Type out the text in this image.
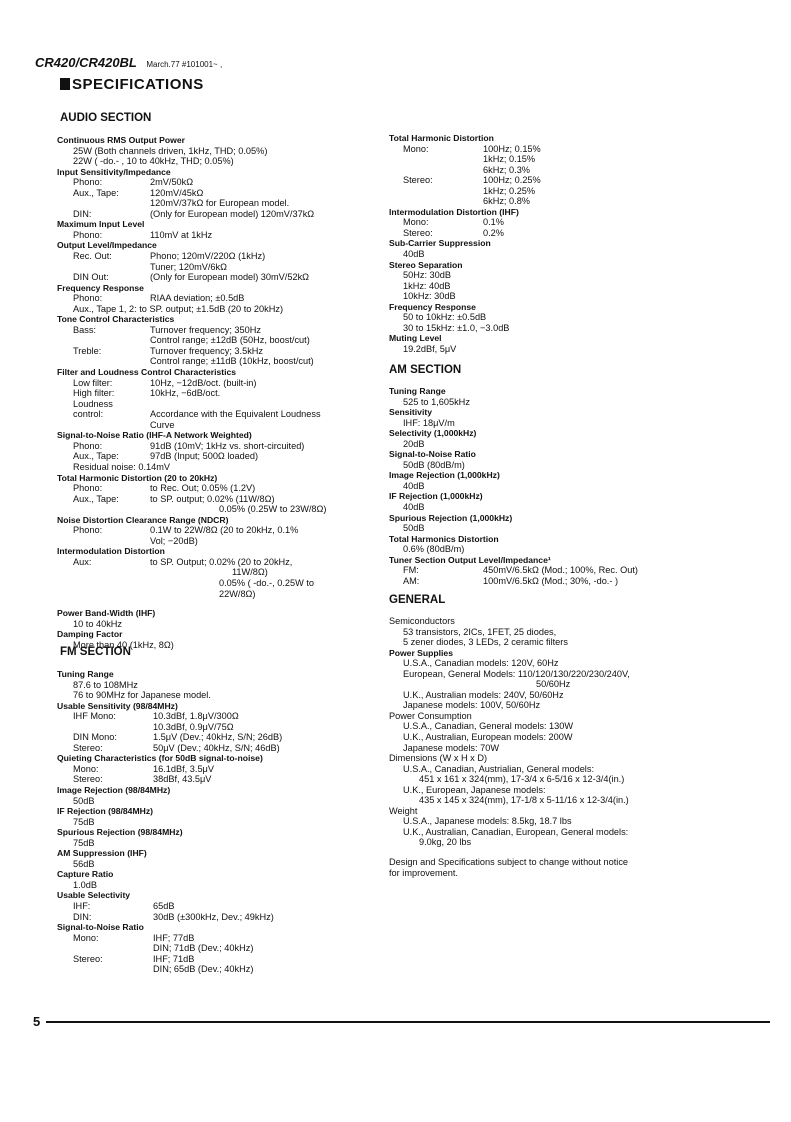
CR420/CR420BL March.77 #101001~ ,
SPECIFICATIONS
AUDIO SECTION
Continuous RMS Output Power
25W (Both channels driven, 1kHz, THD; 0.05%)
22W ( -do.- , 10 to 40kHz, THD; 0.05%)
Input Sensitivity/Impedance
Phono:	2mV/50kΩ
Aux., Tape:	120mV/45kΩ
120mV/37kΩ for European model.
DIN:	(Only for European model) 120mV/37kΩ
Maximum Input Level
Phono:	110mV at 1kHz
Output Level/Impedance
Rec. Out:	Phono; 120mV/220Ω (1kHz)
Tuner; 120mV/6kΩ
DIN Out:	(Only for European model) 30mV/52kΩ
Frequency Response
Phono:	RIAA deviation; ±0.5dB
Aux., Tape 1, 2: to SP. output; ±1.5dB (20 to 20kHz)
Tone Control Characteristics
Bass:	Turnover frequency; 350Hz
Control range; ±12dB (50Hz, boost/cut)
Treble:	Turnover frequency; 3.5kHz
Control range; ±11dB (10kHz, boost/cut)
Filter and Loudness Control Characteristics
Low filter:	10Hz, −12dB/oct. (built-in)
High filter:	10kHz, −6dB/oct.
Loudness
control:	Accordance with the Equivalent Loudness
Curve
Signal-to-Noise Ratio (IHF-A Network Weighted)
Phono:	91dB (10mV; 1kHz vs. short-circuited)
Aux., Tape:	97dB (Input; 500Ω loaded)
Residual noise: 0.14mV
Total Harmonic Distortion (20 to 20kHz)
Phono:	to Rec. Out; 0.05% (1.2V)
Aux., Tape:	to SP. output; 0.02% (11W/8Ω)
0.05% (0.25W to 23W/8Ω)
Noise Distortion Clearance Range (NDCR)
Phono:	0.1W to 22W/8Ω (20 to 20kHz, 0.1%
Vol; −20dB)
Intermodulation Distortion
Aux:	to SP. Output; 0.02% (20 to 20kHz,
11W/8Ω)
0.05% ( -do.-, 0.25W to
22W/8Ω)
Power Band-Width (IHF)
10 to 40kHz
Damping Factor
More than 40 (1kHz, 8Ω)
FM SECTION
Tuning Range
87.6 to 108MHz
76 to 90MHz for Japanese model.
Usable Sensitivity (98/84MHz)
IHF Mono:	10.3dBf, 1.8μV/300Ω
10.3dBf, 0.9μV/75Ω
DIN Mono:	1.5μV (Dev.; 40kHz, S/N; 26dB)
Stereo:	50μV (Dev.; 40kHz, S/N; 46dB)
Quieting Characteristics (for 50dB signal-to-noise)
Mono:	16.1dBf, 3.5μV
Stereo:	38dBf, 43.5μV
Image Rejection (98/84MHz)
50dB
IF Rejection (98/84MHz)
75dB
Spurious Rejection (98/84MHz)
75dB
AM Suppression (IHF)
56dB
Capture Ratio
1.0dB
Usable Selectivity
IHF:	65dB
DIN:	30dB (±300kHz, Dev.; 49kHz)
Signal-to-Noise Ratio
Mono:	IHF; 77dB
DIN; 71dB (Dev.; 40kHz)
Stereo:	IHF; 71dB
DIN; 65dB (Dev.; 40kHz)
Total Harmonic Distortion
Mono:	100Hz; 0.15%
1kHz; 0.15%
6kHz; 0.3%
Stereo:	100Hz; 0.25%
1kHz; 0.25%
6kHz; 0.8%
Intermodulation Distortion (IHF)
Mono:	0.1%
Stereo:	0.2%
Sub-Carrier Suppression
40dB
Stereo Separation
50Hz: 30dB
1kHz: 40dB
10kHz: 30dB
Frequency Response
50 to 10kHz: ±0.5dB
30 to 15kHz: ±1.0, −3.0dB
Muting Level
19.2dBf, 5μV
AM SECTION
Tuning Range
525 to 1,605kHz
Sensitivity
IHF: 18μV/m
Selectivity (1,000kHz)
20dB
Signal-to-Noise Ratio
50dB (80dB/m)
Image Rejection (1,000kHz)
40dB
IF Rejection (1,000kHz)
40dB
Spurious Rejection (1,000kHz)
50dB
Total Harmonics Distortion
0.6% (80dB/m)
Tuner Section Output Level/Impedance¹
FM:	450mV/6.5kΩ (Mod.; 100%, Rec. Out)
AM:	100mV/6.5kΩ (Mod.; 30%, -do.- )
GENERAL
Semiconductors
53 transistors, 2ICs, 1FET, 25 diodes,
5 zener diodes, 3 LEDs, 2 ceramic filters
Power Supplies
U.S.A., Canadian models: 120V, 60Hz
European, General Models: 110/120/130/220/230/240V,
50/60Hz
U.K., Australian models: 240V, 50/60Hz
Japanese models: 100V, 50/60Hz
Power Consumption
U.S.A., Canadian, General models: 130W
U.K., Australian, European models: 200W
Japanese models: 70W
Dimensions (W x H x D)
U.S.A., Canadian, Austrialian, General models:
451 x 161 x 324(mm), 17-3/4 x 6-5/16 x 12-3/4(in.)
U.K., European, Japanese models:
435 x 145 x 324(mm), 17-1/8 x 5-11/16 x 12-3/4(in.)
Weight
U.S.A., Japanese models: 8.5kg, 18.7 lbs
U.K., Australian, Canadian, European, General models:
9.0kg, 20 lbs
Design and Specifications subject to change without notice
for improvement.
5
